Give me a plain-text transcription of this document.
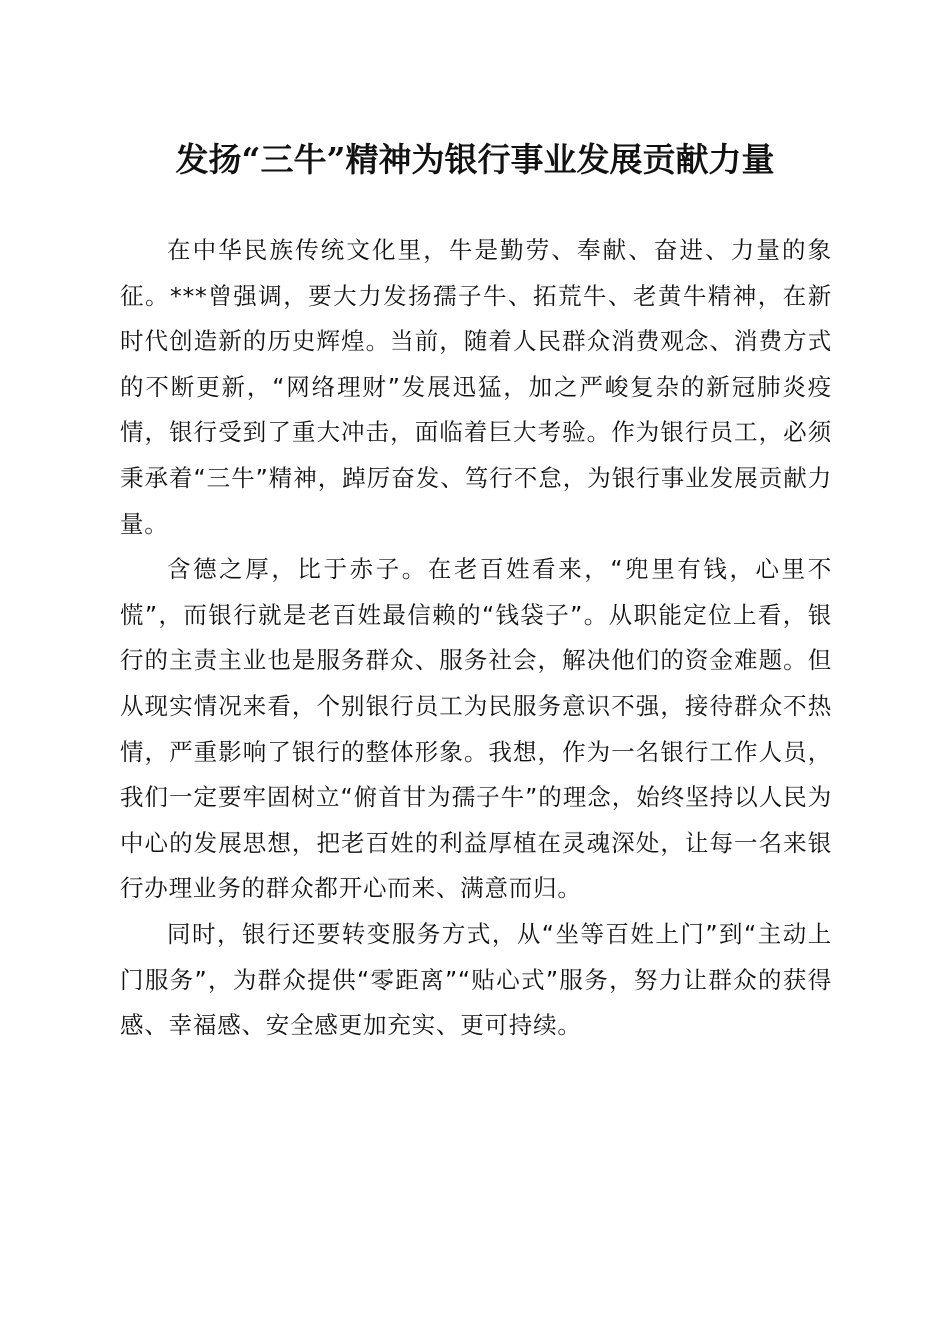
发扬“三牛”精神为银行事业发展贡献力量

在中华民族传统文化里，牛是勤劳、奉献、奋进、力量的象征。***曾强调，要大力发扬孺子牛、拓荒牛、老黄牛精神，在新时代创造新的历史辉煌。当前，随着人民群众消费观念、消费方式的不断更新，“网络理财”发展迅猛，加之严峻复杂的新冠肺炎疫情，银行受到了重大冲击，面临着巨大考验。作为银行员工，必须秉承着“三牛”精神，踔厉奋发、笃行不怠，为银行事业发展贡献力量。

含德之厚，比于赤子。在老百姓看来，“兜里有钱，心里不慌”，而银行就是老百姓最信赖的“钱袋子”。从职能定位上看，银行的主责主业也是服务群众、服务社会，解决他们的资金难题。但从现实情况来看，个别银行员工为民服务意识不强，接待群众不热情，严重影响了银行的整体形象。我想，作为一名银行工作人员，我们一定要牢固树立“俯首甘为孺子牛”的理念，始终坚持以人民为中心的发展思想，把老百姓的利益厚植在灵魂深处，让每一名来银行办理业务的群众都开心而来、满意而归。

同时，银行还要转变服务方式，从“坐等百姓上门”到“主动上门服务”，为群众提供“零距离”“贴心式”服务，努力让群众的获得感、幸福感、安全感更加充实、更可持续。
